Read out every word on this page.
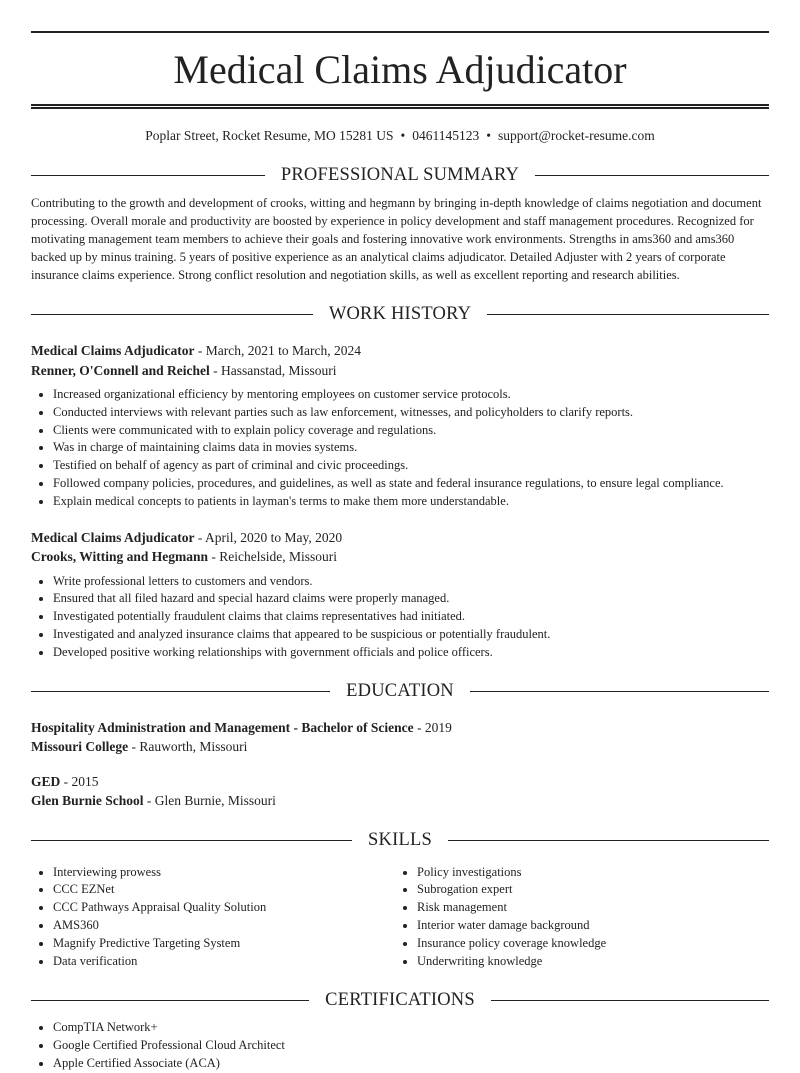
Medical Claims Adjudicator
Poplar Street, Rocket Resume, MO 15281 US • 0461145123 • support@rocket-resume.com
PROFESSIONAL SUMMARY

Contributing to the growth and development of crooks, witting and hegmann by bringing in-depth knowledge of claims negotiation and document processing. Overall morale and productivity are boosted by experience in policy development and staff management procedures. Recognized for motivating management team members to achieve their goals and fostering innovative work environments. Strengths in ams360 and ams360 backed up by minus training. 5 years of positive experience as an analytical claims adjudicator. Detailed Adjuster with 2 years of corporate insurance claims experience. Strong conflict resolution and negotiation skills, as well as excellent reporting and research abilities.

WORK HISTORY
Medical Claims Adjudicator - March, 2021 to March, 2024
Renner, O'Connell and Reichel - Hassanstad, Missouri
• Increased organizational efficiency by mentoring employees on customer service protocols.
• Conducted interviews with relevant parties such as law enforcement, witnesses, and policyholders to clarify reports.
• Clients were communicated with to explain policy coverage and regulations.
• Was in charge of maintaining claims data in movies systems.
• Testified on behalf of agency as part of criminal and civic proceedings.
• Followed company policies, procedures, and guidelines, as well as state and federal insurance regulations, to ensure legal compliance.
• Explain medical concepts to patients in layman's terms to make them more understandable.
Medical Claims Adjudicator - April, 2020 to May, 2020
Crooks, Witting and Hegmann - Reichelside, Missouri
• Write professional letters to customers and vendors.
• Ensured that all filed hazard and special hazard claims were properly managed.
• Investigated potentially fraudulent claims that claims representatives had initiated.
• Investigated and analyzed insurance claims that appeared to be suspicious or potentially fraudulent.
• Developed positive working relationships with government officials and police officers.
EDUCATION
Hospitality Administration and Management - Bachelor of Science - 2019
Missouri College - Rauworth, Missouri
GED - 2015
Glen Burnie School - Glen Burnie, Missouri
SKILLS
• Interviewing prowess
• CCC EZNet
• CCC Pathways Appraisal Quality Solution
• AMS360
• Magnify Predictive Targeting System
• Data verification
• Policy investigations
• Subrogation expert
• Risk management
• Interior water damage background
• Insurance policy coverage knowledge
• Underwriting knowledge
CERTIFICATIONS
• CompTIA Network+
• Google Certified Professional Cloud Architect
• Apple Certified Associate (ACA)
